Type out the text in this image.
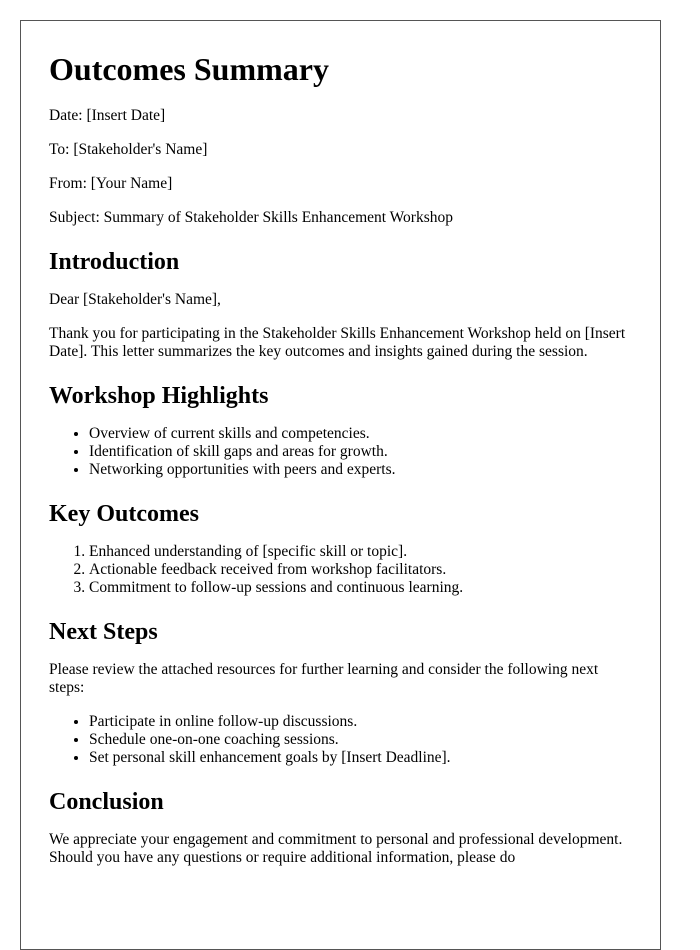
Outcomes Summary

Date: [Insert Date]

To: [Stakeholder's Name]

From: [Your Name]

Subject: Summary of Stakeholder Skills Enhancement Workshop

Introduction

Dear [Stakeholder's Name],

Thank you for participating in the Stakeholder Skills Enhancement Workshop held on [Insert Date]. This letter summarizes the key outcomes and insights gained during the session.

Workshop Highlights
• Overview of current skills and competencies.
• Identification of skill gaps and areas for growth.
• Networking opportunities with peers and experts.
Key Outcomes
1. Enhanced understanding of [specific skill or topic].
2. Actionable feedback received from workshop facilitators.
3. Commitment to follow-up sessions and continuous learning.
Next Steps

Please review the attached resources for further learning and consider the following next steps:

• Participate in online follow-up discussions.
• Schedule one-on-one coaching sessions.
• Set personal skill enhancement goals by [Insert Deadline].
Conclusion

We appreciate your engagement and commitment to personal and professional development. Should you have any questions or require additional information, please do
